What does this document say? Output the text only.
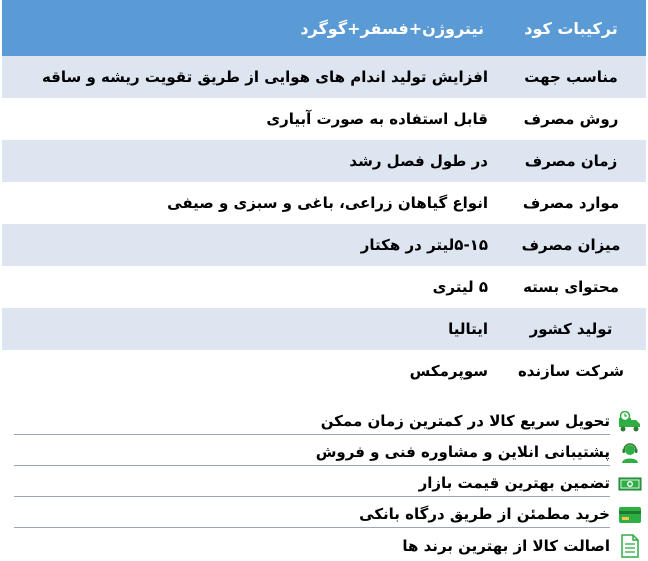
ترکیبات کود	نیتروژن+فسفر+گوگرد
مناسب جهت	افزایش تولید اندام های هوایی از طریق تقویت ریشه و ساقه
روش مصرف	قابل استفاده به صورت آبیاری
زمان مصرف	در طول فصل رشد
موارد مصرف	انواع گیاهان زراعی، باغی و سبزی و صیفی
میزان مصرف	۵-۱۵لیتر در هکتار
محتوای بسته	۵ لیتری
تولید کشور	ایتالیا
شرکت سازنده	سوپرمکس
تحویل سریع کالا در کمترین زمان ممکن
پشتیبانی انلاین و مشاوره فنی و فروش
تضمین بهترین قیمت بازار
خرید مطمئن از طریق درگاه بانکی
اصالت کالا از بهترین برند ها
